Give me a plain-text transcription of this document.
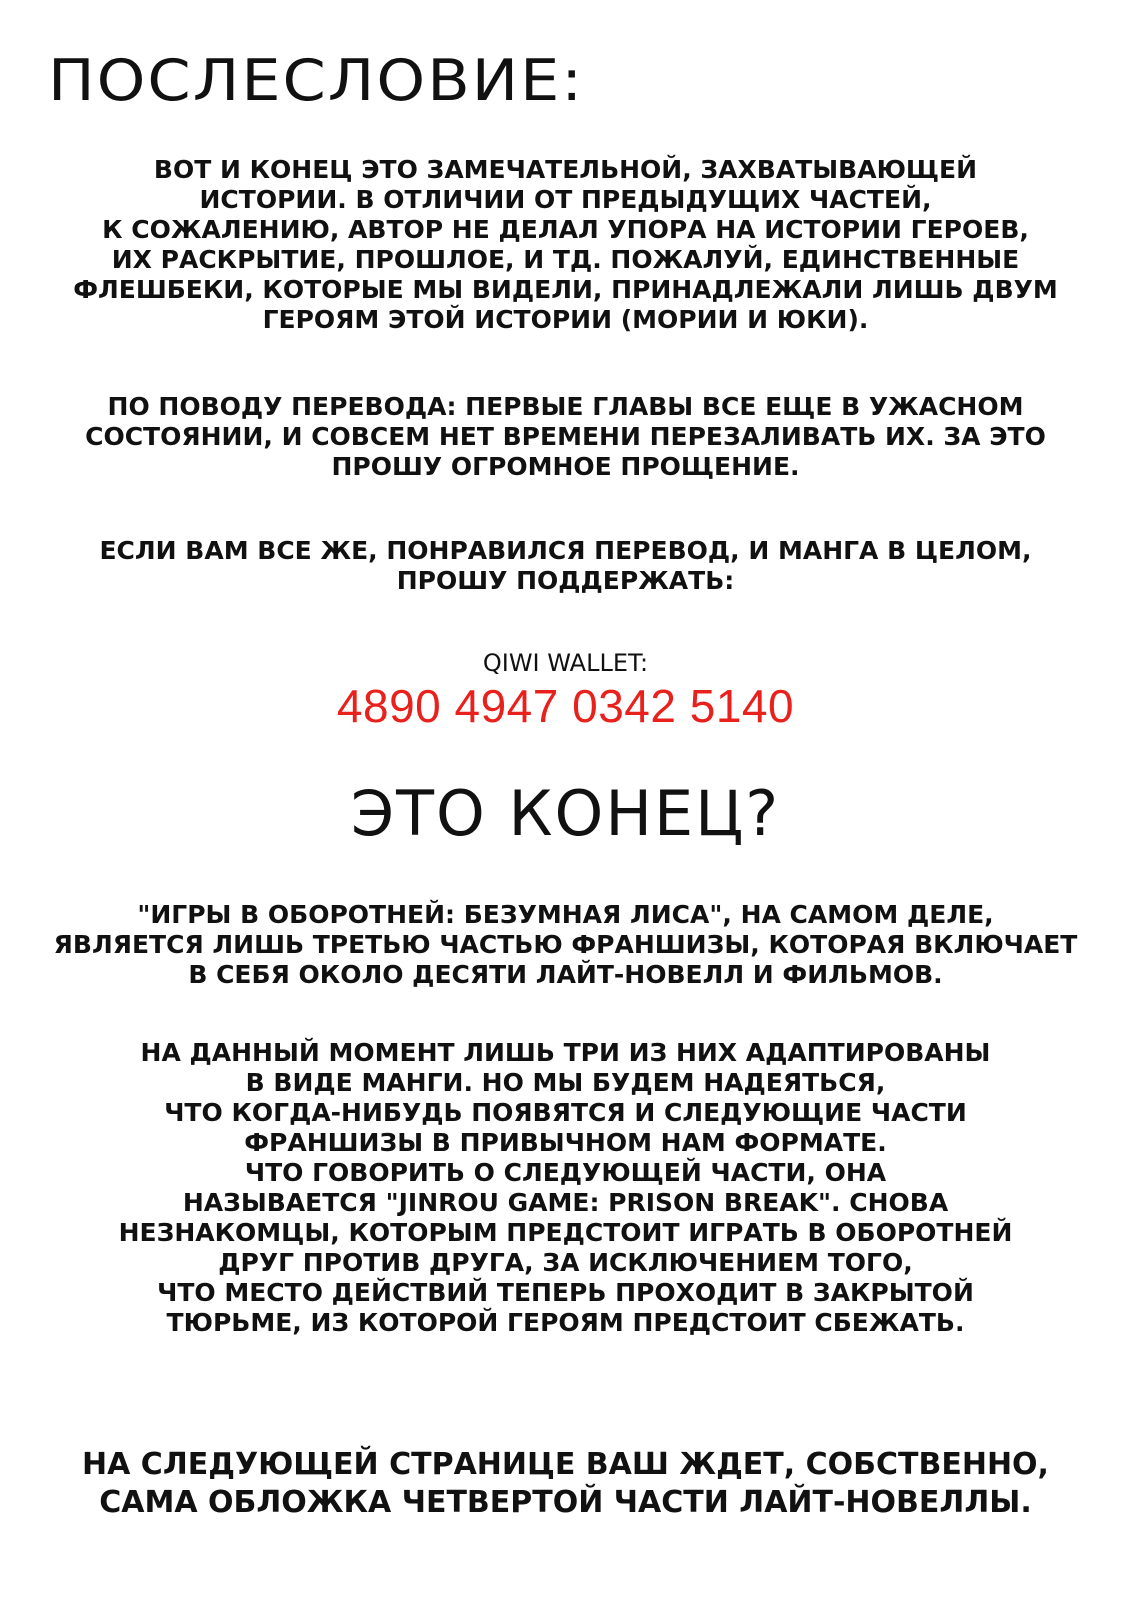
ПОСЛЕСЛОВИЕ:
ВОТ И КОНЕЦ ЭТО ЗАМЕЧАТЕЛЬНОЙ, ЗАХВАТЫВАЮЩЕЙ
ИСТОРИИ. В ОТЛИЧИИ ОТ ПРЕДЫДУЩИХ ЧАСТЕЙ,
К СОЖАЛЕНИЮ, АВТОР НЕ ДЕЛАЛ УПОРА НА ИСТОРИИ ГЕРОЕВ,
ИХ РАСКРЫТИЕ, ПРОШЛОЕ, И ТД. ПОЖАЛУЙ, ЕДИНСТВЕННЫЕ
ФЛЕШБЕКИ, КОТОРЫЕ МЫ ВИДЕЛИ, ПРИНАДЛЕЖАЛИ ЛИШЬ ДВУМ
ГЕРОЯМ ЭТОЙ ИСТОРИИ (МОРИИ И ЮКИ).
ПО ПОВОДУ ПЕРЕВОДА: ПЕРВЫЕ ГЛАВЫ ВСЕ ЕЩЕ В УЖАСНОМ
СОСТОЯНИИ, И СОВСЕМ НЕТ ВРЕМЕНИ ПЕРЕЗАЛИВАТЬ ИХ. ЗА ЭТО
ПРОШУ ОГРОМНОЕ ПРОЩЕНИЕ.
ЕСЛИ ВАМ ВСЕ ЖЕ, ПОНРАВИЛСЯ ПЕРЕВОД, И МАНГА В ЦЕЛОМ,
ПРОШУ ПОДДЕРЖАТЬ:
QIWI WALLET:
4890 4947 0342 5140
ЭТО КОНЕЦ?
"ИГРЫ В ОБОРОТНЕЙ: БЕЗУМНАЯ ЛИСА", НА САМОМ ДЕЛЕ,
ЯВЛЯЕТСЯ ЛИШЬ ТРЕТЬЮ ЧАСТЬЮ ФРАНШИЗЫ, КОТОРАЯ ВКЛЮЧАЕТ
В СЕБЯ ОКОЛО ДЕСЯТИ ЛАЙТ-НОВЕЛЛ И ФИЛЬМОВ.
НА ДАННЫЙ МОМЕНТ ЛИШЬ ТРИ ИЗ НИХ АДАПТИРОВАНЫ
В ВИДЕ МАНГИ. НО МЫ БУДЕМ НАДЕЯТЬСЯ,
ЧТО КОГДА-НИБУДЬ ПОЯВЯТСЯ И СЛЕДУЮЩИЕ ЧАСТИ
ФРАНШИЗЫ В ПРИВЫЧНОМ НАМ ФОРМАТЕ.
ЧТО ГОВОРИТЬ О СЛЕДУЮЩЕЙ ЧАСТИ, ОНА
НАЗЫВАЕТСЯ "JINROU GAME: PRISON BREAK". СНОВА
НЕЗНАКОМЦЫ, КОТОРЫМ ПРЕДСТОИТ ИГРАТЬ В ОБОРОТНЕЙ
ДРУГ ПРОТИВ ДРУГА, ЗА ИСКЛЮЧЕНИЕМ ТОГО,
ЧТО МЕСТО ДЕЙСТВИЙ ТЕПЕРЬ ПРОХОДИТ В ЗАКРЫТОЙ
ТЮРЬМЕ, ИЗ КОТОРОЙ ГЕРОЯМ ПРЕДСТОИТ СБЕЖАТЬ.
НА СЛЕДУЮЩЕЙ СТРАНИЦЕ ВАШ ЖДЕТ, СОБСТВЕННО,
САМА ОБЛОЖКА ЧЕТВЕРТОЙ ЧАСТИ ЛАЙТ-НОВЕЛЛЫ.
